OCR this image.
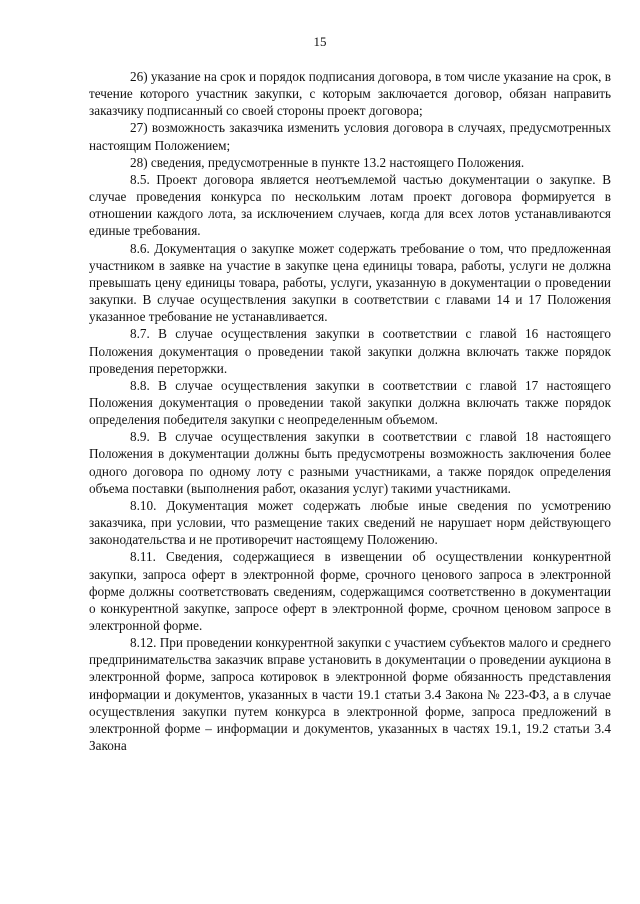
15

26) указание на срок и порядок подписания договора, в том числе указание на срок, в течение которого участник закупки, с которым заключается договор, обязан направить заказчику подписанный со своей стороны проект договора;

27) возможность заказчика изменить условия договора в случаях, предусмотренных настоящим Положением;

28) сведения, предусмотренные в пункте 13.2 настоящего Положения.

8.5. Проект договора является неотъемлемой частью документации о закупке. В случае проведения конкурса по нескольким лотам проект договора формируется в отношении каждого лота, за исключением случаев, когда для всех лотов устанавливаются единые требования.

8.6. Документация о закупке может содержать требование о том, что предложенная участником в заявке на участие в закупке цена единицы товара, работы, услуги не должна превышать цену единицы товара, работы, услуги, указанную в документации о проведении закупки. В случае осуществления закупки в соответствии с главами 14 и 17 Положения указанное требование не устанавливается.

8.7. В случае осуществления закупки в соответствии с главой 16 настоящего Положения документация о проведении такой закупки должна включать также порядок проведения переторжки.

8.8. В случае осуществления закупки в соответствии с главой 17 настоящего Положения документация о проведении такой закупки должна включать также порядок определения победителя закупки с неопределенным объемом.

8.9. В случае осуществления закупки в соответствии с главой 18 настоящего Положения в документации должны быть предусмотрены возможность заключения более одного договора по одному лоту с разными участниками, а также порядок определения объема поставки (выполнения работ, оказания услуг) такими участниками.

8.10. Документация может содержать любые иные сведения по усмотрению заказчика, при условии, что размещение таких сведений не нарушает норм действующего законодательства и не противоречит настоящему Положению.

8.11. Сведения, содержащиеся в извещении об осуществлении конкурентной закупки, запроса оферт в электронной форме, срочного ценового запроса в электронной форме должны соответствовать сведениям, содержащимся соответственно в документации о конкурентной закупке, запросе оферт в электронной форме, срочном ценовом запросе в электронной форме.

8.12. При проведении конкурентной закупки с участием субъектов малого и среднего предпринимательства заказчик вправе установить в документации о проведении аукциона в электронной форме, запроса котировок в электронной форме обязанность представления информации и документов, указанных в части 19.1 статьи 3.4 Закона № 223-ФЗ, а в случае осуществления закупки путем конкурса в электронной форме, запроса предложений в электронной форме – информации и документов, указанных в частях 19.1, 19.2 статьи 3.4 Закона
